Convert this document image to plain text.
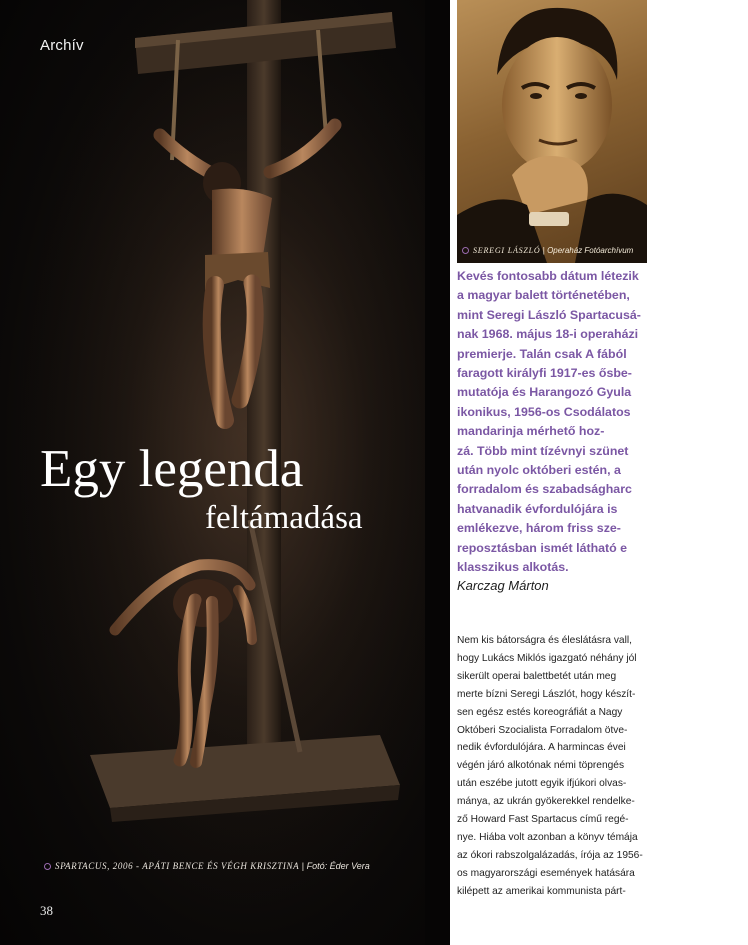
Archív
Egy legenda
feltámadása
SPARTACUS, 2006 - APÁTI BENCE ÉS VÉGH KRISZTINA | Fotó: Éder Vera
38
SEREGI LÁSZLÓ | Operaház Fotóarchívum
Kevés fontosabb dátum létezik
a magyar balett történetében,
mint Seregi László Spartacusá-
nak 1968. május 18-i operaházi
premierje. Talán csak A fából
faragott királyfi 1917-es ősbe-
mutatója és Harangozó Gyula
ikonikus, 1956-os Csodálatos
mandarinja mérhető hoz-
zá. Több mint tízévnyi szünet
után nyolc októberi estén, a
forradalom és szabadságharc
hatvanadik évfordulójára is
emlékezve, három friss sze-
reposztásban ismét látható e
klasszikus alkotás.
Karczag Márton
Nem kis bátorságra és éleslátásra vall,
hogy Lukács Miklós igazgató néhány jól
sikerült operai balettbetét után meg
merte bízni Seregi Lászlót, hogy készít-
sen egész estés koreográfiát a Nagy
Októberi Szocialista Forradalom ötve-
nedik évfordulójára. A harmincas évei
végén járó alkotónak némi töprengés
után eszébe jutott egyik ifjúkori olvas-
mánya, az ukrán gyökerekkel rendelke-
ző Howard Fast Spartacus című regé-
nye. Hiába volt azonban a könyv témája
az ókori rabszolgalázadás, írója az 1956-
os magyarországi események hatására
kilépett az amerikai kommunista párt-
